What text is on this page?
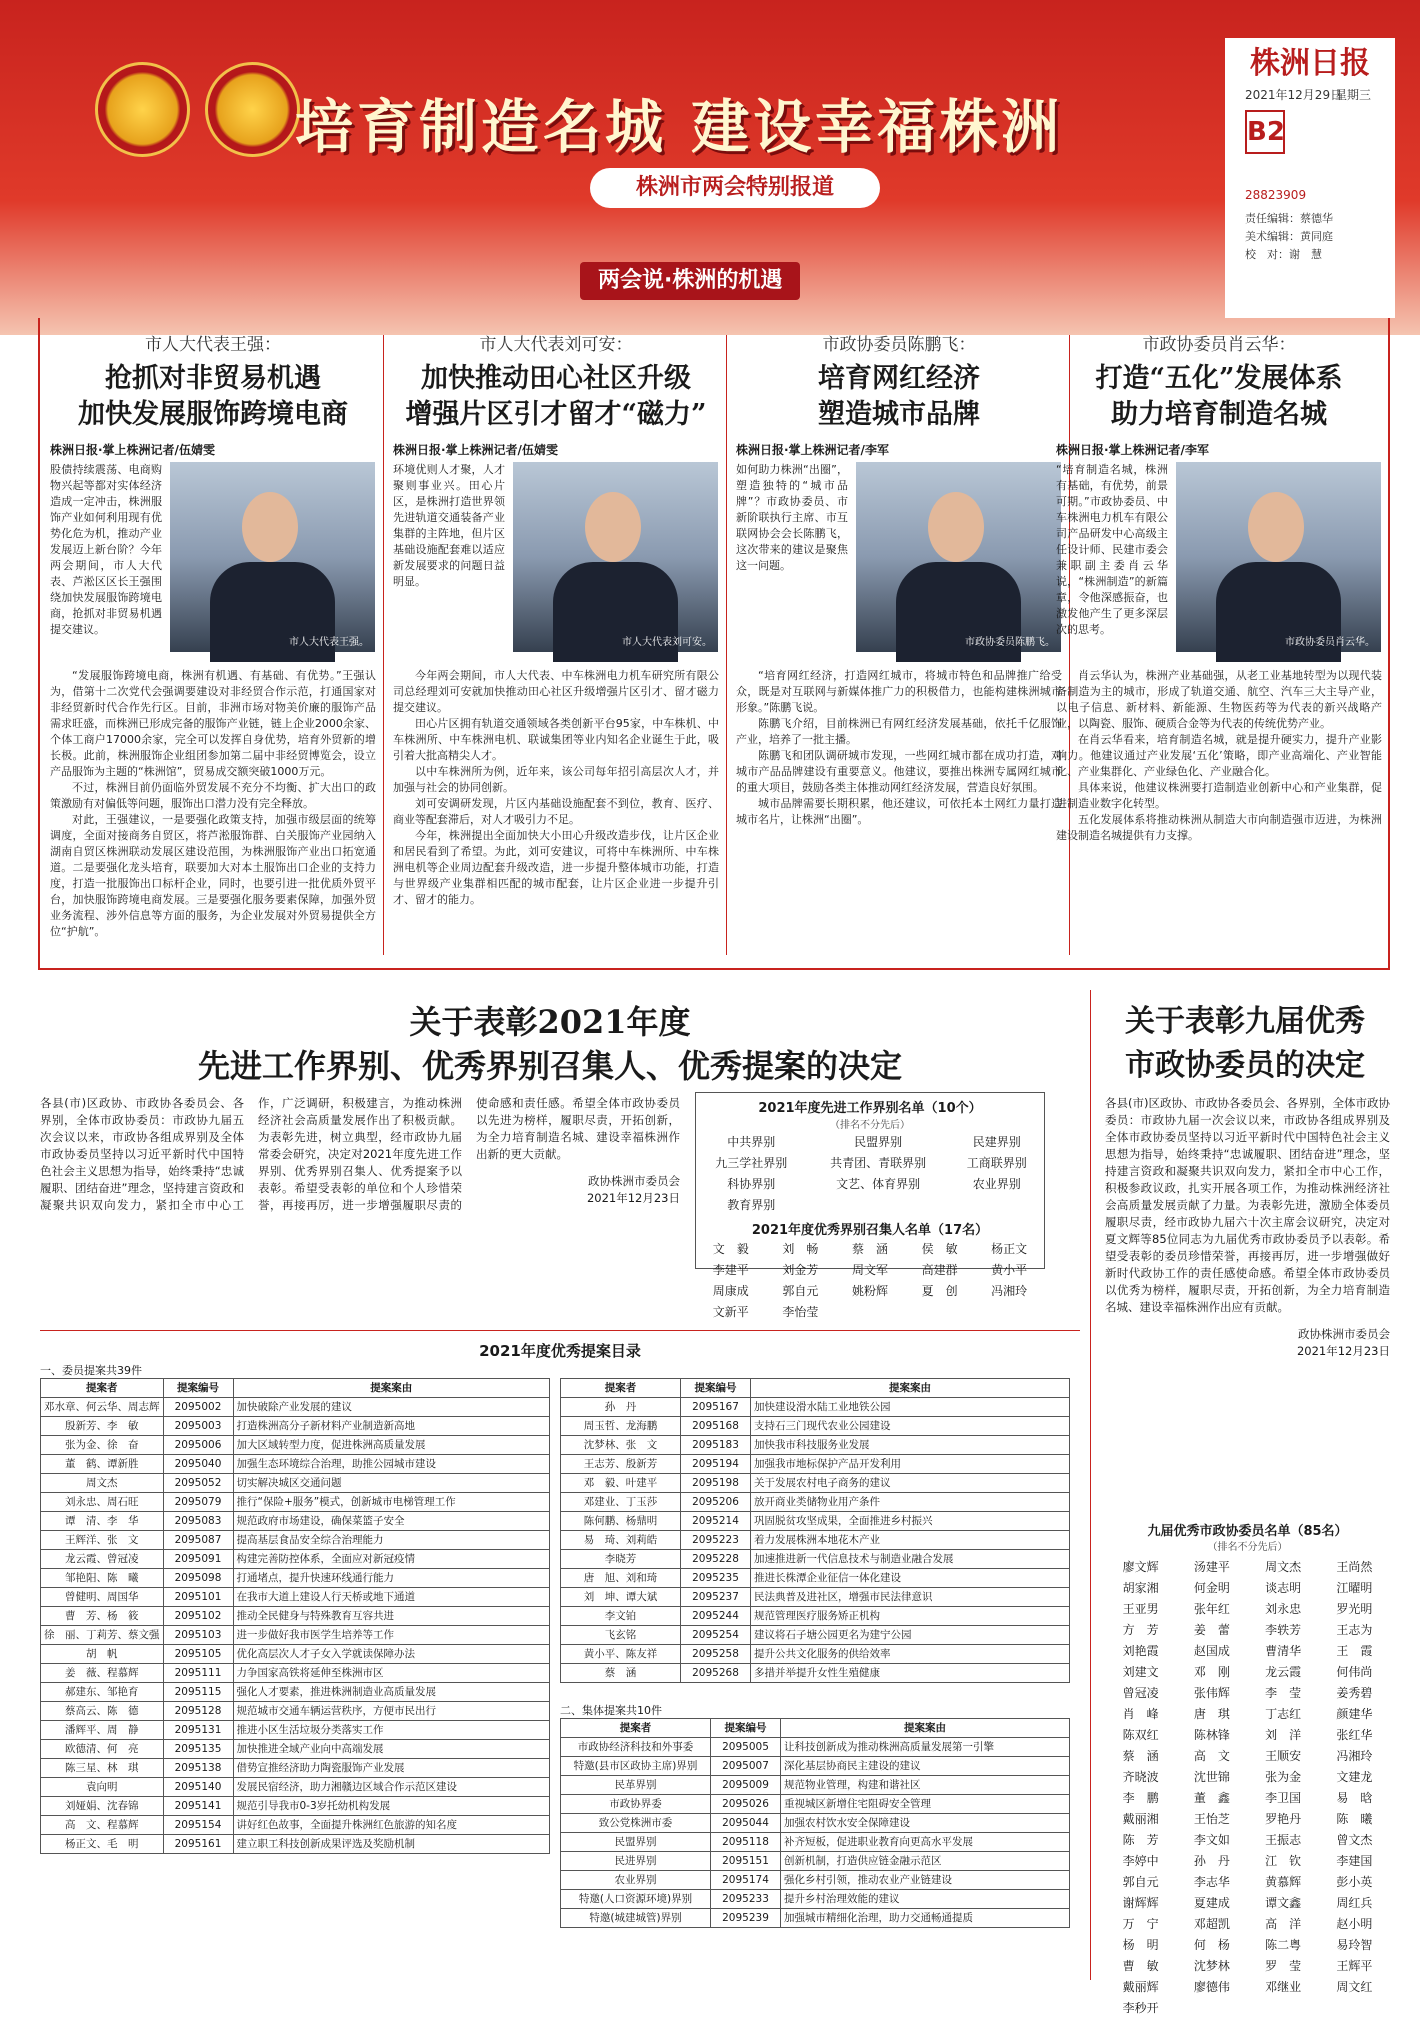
培育制造名城 建设幸福株洲
株洲市两会特别报道
株洲日报
2021年12月29日
星期三
B2
28823909
责任编辑：蔡德华
美术编辑：黄同庭
校　对：谢　慧
两会说·株洲的机遇
市人大代表王强：
抢抓对非贸易机遇
加快发展服饰跨境电商
株洲日报·掌上株洲记者/伍婧雯
股债持续震荡、电商购物兴起等都对实体经济造成一定冲击，株洲服饰产业如何利用现有优势化危为机，推动产业发展迈上新台阶？今年两会期间，市人大代表、芦淞区区长王强围绕加快发展服饰跨境电商，抢抓对非贸易机遇提交建议。
市人大代表王强。

“发展服饰跨境电商，株洲有机遇、有基础、有优势。”王强认为，借第十二次党代会强调要建设对非经贸合作示范，打通国家对非经贸新时代合作先行区。目前，非洲市场对物美价廉的服饰产品需求旺盛，而株洲已形成完备的服饰产业链，链上企业2000余家、个体工商户17000余家，完全可以发挥自身优势，培育外贸新的增长极。此前，株洲服饰企业组团参加第二届中非经贸博览会，设立产品服饰为主题的“株洲馆”，贸易成交额突破1000万元。

不过，株洲目前仍面临外贸发展不充分不均衡、扩大出口的政策激励有对偏低等问题，服饰出口潜力没有完全释放。

对此，王强建议，一是要强化政策支持，加强市级层面的统筹调度，全面对接商务自贸区，将芦淞服饰群、白关服饰产业园纳入湖南自贸区株洲联动发展区建设范围，为株洲服饰产业出口拓宽通道。二是要强化龙头培育，联要加大对本土服饰出口企业的支持力度，打造一批服饰出口标杆企业，同时，也要引进一批优质外贸平台，加快服饰跨境电商发展。三是要强化服务要素保障，加强外贸业务流程、涉外信息等方面的服务，为企业发展对外贸易提供全方位“护航”。

市人大代表刘可安：
加快推动田心社区升级
增强片区引才留才“磁力”
株洲日报·掌上株洲记者/伍婧雯
环境优则人才聚，人才聚则事业兴。田心片区，是株洲打造世界领先进轨道交通装备产业集群的主阵地，但片区基础设施配套难以适应新发展要求的问题日益明显。
市人大代表刘可安。

今年两会期间，市人大代表、中车株洲电力机车研究所有限公司总经理刘可安就加快推动田心社区升级增强片区引才、留才磁力提交建议。

田心片区拥有轨道交通领域各类创新平台95家，中车株机、中车株洲所、中车株洲电机、联诚集团等业内知名企业诞生于此，吸引着大批高精尖人才。

以中车株洲所为例，近年来，该公司每年招引高层次人才，并加强与社会的协同创新。

刘可安调研发现，片区内基础设施配套不到位，教育、医疗、商业等配套滞后，对人才吸引力不足。

今年，株洲提出全面加快大小田心升级改造步伐，让片区企业和居民看到了希望。为此，刘可安建议，可将中车株洲所、中车株洲电机等企业周边配套升级改造，进一步提升整体城市功能，打造与世界级产业集群相匹配的城市配套，让片区企业进一步提升引才、留才的能力。

市政协委员陈鹏飞：
培育网红经济
塑造城市品牌
株洲日报·掌上株洲记者/李军
如何助力株洲“出圈”，塑造独特的“城市品牌”？市政协委员、市新阶联执行主席、市互联网协会会长陈鹏飞，这次带来的建议是聚焦这一问题。
市政协委员陈鹏飞。

“培育网红经济，打造网红城市，将城市特色和品牌推广给受众，既是对互联网与新媒体推广力的积极借力，也能构建株洲城市形象。”陈鹏飞说。

陈鹏飞介绍，目前株洲已有网红经济发展基础，依托千亿服饰产业，培养了一批主播。

陈鹏飞和团队调研城市发现，一些网红城市都在成功打造，对城市产品品牌建设有重要意义。他建议，要推出株洲专属网红城市的重大项目，鼓励各类主体推动网红经济发展，营造良好氛围。

城市品牌需要长期积累，他还建议，可依托本土网红力量打造城市名片，让株洲“出圈”。

市政协委员肖云华：
打造“五化”发展体系
助力培育制造名城
株洲日报·掌上株洲记者/李军
“培育制造名城，株洲有基础，有优势，前景可期。”市政协委员、中车株洲电力机车有限公司产品研发中心高级主任设计师、民建市委会兼职副主委肖云华说，“株洲制造”的新篇章，令他深感振奋，也激发他产生了更多深层次的思考。
市政协委员肖云华。

肖云华认为，株洲产业基础强，从老工业基地转型为以现代装备制造为主的城市，形成了轨道交通、航空、汽车三大主导产业，以电子信息、新材料、新能源、生物医药等为代表的新兴战略产业，以陶瓷、服饰、硬质合金等为代表的传统优势产业。

在肖云华看来，培育制造名城，就是提升硬实力，提升产业影响力。他建议通过产业发展‘五化’策略，即产业高端化、产业智能化、产业集群化、产业绿色化、产业融合化。

具体来说，他建议株洲要打造制造业创新中心和产业集群，促进制造业数字化转型。

五化发展体系将推动株洲从制造大市向制造强市迈进，为株洲建设制造名城提供有力支撑。

关于表彰2021年度
先进工作界别、优秀界别召集人、优秀提案的决定
各县(市)区政协、市政协各委员会、各界别，全体市政协委员：市政协九届五次会议以来，市政协各组成界别及全体市政协委员坚持以习近平新时代中国特色社会主义思想为指导，始终秉持“忠诚履职、团结奋进”理念，坚持建言资政和凝聚共识双向发力，紧扣全市中心工作，广泛调研，积极建言，为推动株洲经济社会高质量发展作出了积极贡献。为表彰先进，树立典型，经市政协九届常委会研究，决定对2021年度先进工作界别、优秀界别召集人、优秀提案予以表彰。希望受表彰的单位和个人珍惜荣誉，再接再厉，进一步增强履职尽责的使命感和责任感。希望全体市政协委员以先进为榜样，履职尽责，开拓创新，为全力培育制造名城、建设幸福株洲作出新的更大贡献。
政协株洲市委员会
2021年12月23日
2021年度先进工作界别名单（10个）
（排名不分先后）
中共界别	民盟界别	民建界别
九三学社界别	共青团、青联界别	工商联界别
科协界别	文艺、体育界别	农业界别
教育界别		
2021年度优秀界别召集人名单（17名）
文　毅	刘　畅	蔡　涵	侯　敏	杨正文
李建平	刘金芳	周文军	高建群	黄小平
周康成	郭自元	姚粉辉	夏　创	冯湘玲
文新平	李怡莹			
2021年度优秀提案目录
一、委员提案共39件
提案者	提案编号	提案案由
邓水章、何云华、周志辉	2095002	加快破除产业发展的建议
殷新芳、李　敏	2095003	打造株洲高分子新材料产业制造新高地
张为金、徐　奋	2095006	加大区域转型力度，促进株洲高质量发展
董　鹤、谭新胜	2095040	加强生态环境综合治理，助推公园城市建设
周文杰	2095052	切实解决城区交通问题
刘永忠、周石旺	2095079	推行“保险+服务”模式，创新城市电梯管理工作
谭　清、李　华	2095083	规范政府市场建设，确保菜篮子安全
王辉洋、张　文	2095087	提高基层食品安全综合治理能力
龙云霞、曾冠凌	2095091	构建完善防控体系，全面应对新冠疫情
邹艳阳、陈　曦	2095098	打通堵点，提升快速环线通行能力
曾健明、周国华	2095101	在我市大道上建设人行天桥或地下通道
曹　芳、杨　筱	2095102	推动全民健身与特殊教育互容共进
徐　丽、丁莉芳、蔡文强	2095103	进一步做好我市医学生培养等工作
胡　帆	2095105	优化高层次人才子女入学就读保障办法
姜　薇、程慕辉	2095111	力争国家高铁将延伸至株洲市区
郝建东、邹艳育	2095115	强化人才要素，推进株洲制造业高质量发展
蔡高云、陈　德	2095128	规范城市交通车辆运营秩序，方便市民出行
潘辉平、周　静	2095131	推进小区生活垃圾分类落实工作
欧德清、何　亮	2095135	加快推进全域产业向中高端发展
陈三星、林　琪	2095138	借势宣推经济助力陶瓷服饰产业发展
袁向明	2095140	发展民宿经济，助力湘赣边区域合作示范区建设
刘娅娟、沈春锦	2095141	规范引导我市0-3岁托幼机构发展
高　文、程慕辉	2095154	讲好红色故事，全面提升株洲红色旅游的知名度
杨正文、毛　明	2095161	建立职工科技创新成果评选及奖励机制
提案者	提案编号	提案案由
孙　丹	2095167	加快建设滑水陆工业地铁公园
周玉哲、龙海鹏	2095168	支持石三门现代农业公园建设
沈梦林、张　文	2095183	加快我市科技服务业发展
王志芳、殷新芳	2095194	加强我市地标保护产品开发利用
邓　毅、叶建平	2095198	关于发展农村电子商务的建议
邓建业、丁玉莎	2095206	放开商业类储物业用产条件
陈何鹏、杨鼎明	2095214	巩固脱贫攻坚成果，全面推进乡村振兴
易　琦、刘莉皓	2095223	着力发展株洲本地花木产业
李晓芳	2095228	加速推进新一代信息技术与制造业融合发展
唐　旭、刘和琦	2095235	推进长株潭企业征信一体化建设
刘　坤、谭大斌	2095237	民法典普及进社区，增强市民法律意识
李文铂	2095244	规范管理医疗服务矫正机构
飞玄铭	2095254	建议将石子塘公园更名为建宁公园
黄小平、陈友祥	2095258	提升公共文化服务的供给效率
蔡　涵	2095268	多措并举提升女性生殖健康
二、集体提案共10件
提案者	提案编号	提案案由
市政协经济科技和外事委	2095005	让科技创新成为推动株洲高质量发展第一引擎
特邀(县市区政协主席)界别	2095007	深化基层协商民主建设的建议
民革界别	2095009	规范物业管理，构建和谐社区
市政协界委	2095026	重视城区新增住宅阻碍安全管理
致公党株洲市委	2095044	加强农村饮水安全保障建设
民盟界别	2095118	补齐短板，促进职业教育向更高水平发展
民进界别	2095151	创新机制，打造供应链金融示范区
农业界别	2095174	强化乡村引领，推动农业产业链建设
特邀(人口资源环境)界别	2095233	提升乡村治理效能的建议
特邀(城建城管)界别	2095239	加强城市精细化治理，助力交通畅通提质
关于表彰九届优秀
市政协委员的决定
各县(市)区政协、市政协各委员会、各界别，全体市政协委员：市政协九届一次会议以来，市政协各组成界别及全体市政协委员坚持以习近平新时代中国特色社会主义思想为指导，始终秉持“忠诚履职、团结奋进”理念，坚持建言资政和凝聚共识双向发力，紧扣全市中心工作，积极参政议政，扎实开展各项工作，为推动株洲经济社会高质量发展贡献了力量。为表彰先进，激励全体委员履职尽责，经市政协九届六十次主席会议研究，决定对夏文辉等85位同志为九届优秀市政协委员予以表彰。希望受表彰的委员珍惜荣誉，再接再厉，进一步增强做好新时代政协工作的责任感使命感。希望全体市政协委员以优秀为榜样，履职尽责，开拓创新，为全力培育制造名城、建设幸福株洲作出应有贡献。
政协株洲市委员会
2021年12月23日
九届优秀市政协委员名单（85名）
（排名不分先后）
廖文辉	汤建平	周文杰	王尚然
胡家湘	何金明	谈志明	江曜明
王亚男	张年红	刘永忠	罗光明
方　芳	姜　蕾	李轶芳	王志为
刘艳霞	赵国成	曹清华	王　霞
刘建文	邓　刚	龙云霞	何伟尚
曾冠凌	张伟辉	李　莹	姜秀碧
肖　峰	唐　琪	丁志红	颜建华
陈双红	陈林锋	刘　洋	张红华
蔡　涵	高　文	王顺安	冯湘玲
齐晓波	沈世锦	张为金	文建龙
李　鹏	董　鑫	李卫国	易　晗
戴丽湘	王怡芝	罗艳丹	陈　曦
陈　芳	李文如	王振志	曾文杰
李婷中	孙　丹	江　钦	李建国
郭自元	李志华	黄慕辉	彭小英
谢辉辉	夏建成	谭文鑫	周红兵
万　宁	邓超凯	高　洋	赵小明
杨　明	何　杨	陈二粤	易玲智
曹　敏	沈梦林	罗　莹	王辉平
戴丽辉	廖德伟	邓继业	周文红
李秒开			
